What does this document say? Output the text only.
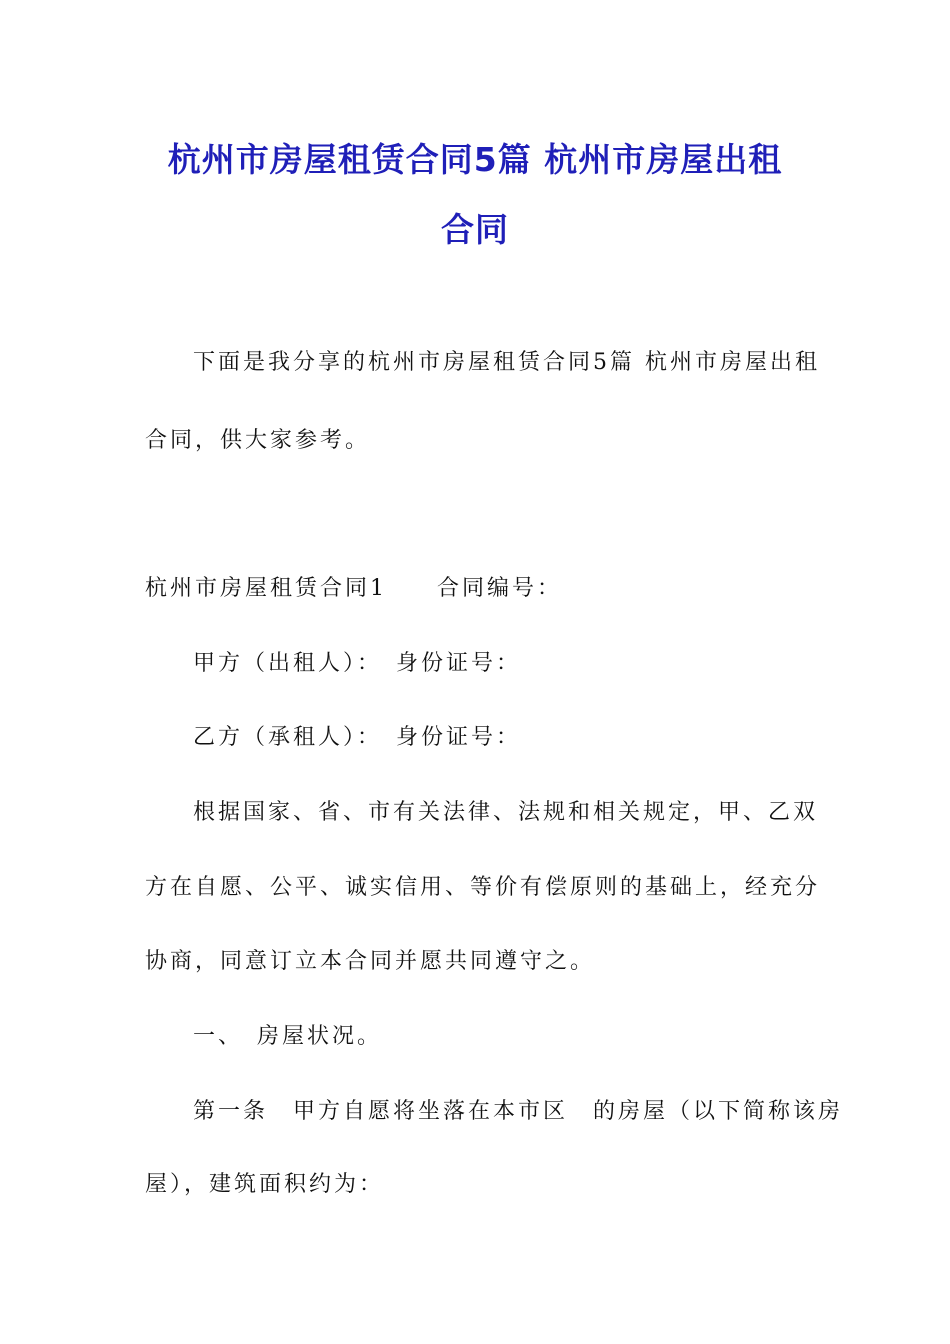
杭州市房屋租赁合同5篇 杭州市房屋出租
合同
下面是我分享的杭州市房屋租赁合同5篇 杭州市房屋出租
合同，供大家参考。
杭州市房屋租赁合同1　　合同编号：
甲方（出租人）：　身份证号：
乙方（承租人）：　身份证号：
根据国家、省、市有关法律、法规和相关规定，甲、乙双
方在自愿、公平、诚实信用、等价有偿原则的基础上，经充分
协商，同意订立本合同并愿共同遵守之。
一、　房屋状况。
第一条　甲方自愿将坐落在本市区　的房屋（以下简称该房
屋），建筑面积约为：
